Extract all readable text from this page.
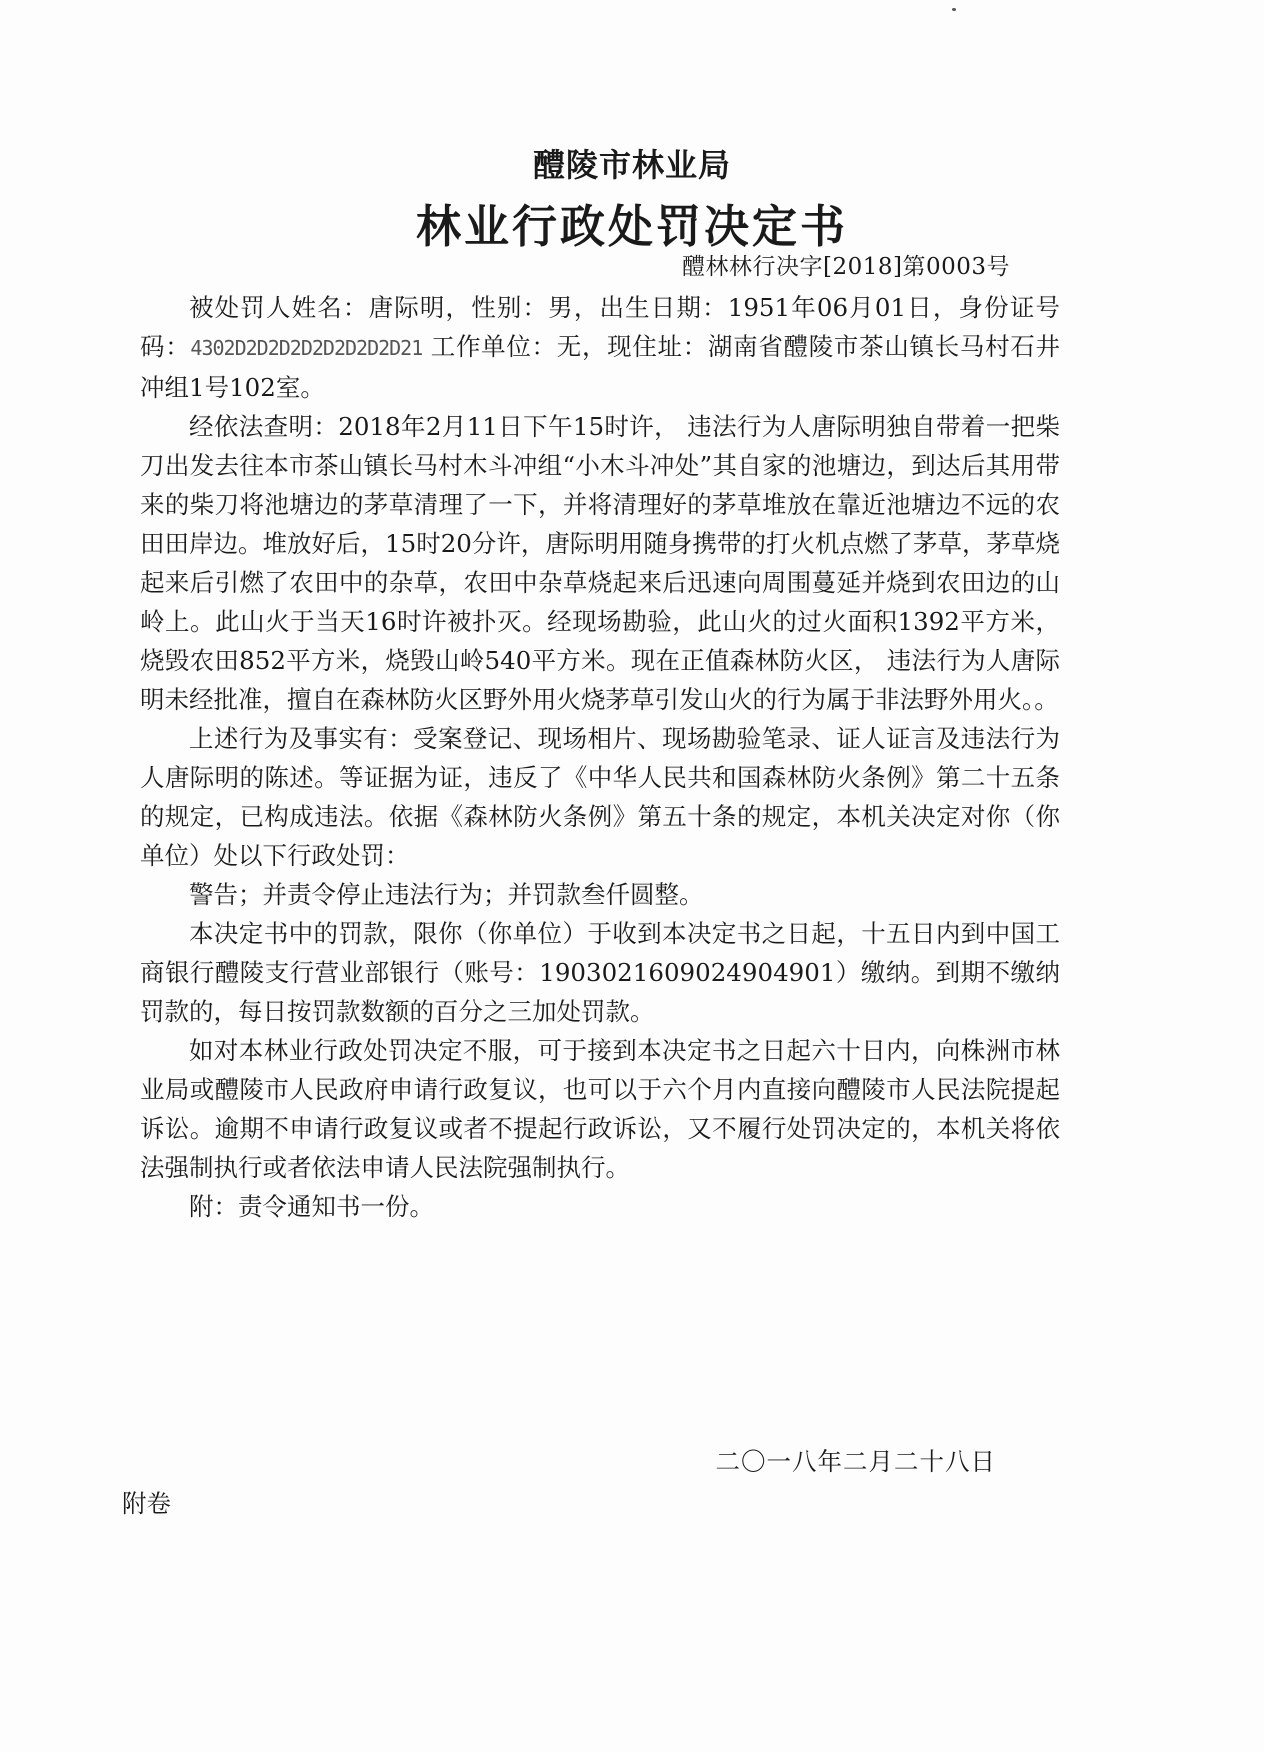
醴陵市林业局
林业行政处罚决定书
醴林林行决字[2018]第0003号

被处罚人姓名：唐际明，性别：男，出生日期：1951年06月01日，身份证号码：4302D2D2D2D2D2D2D2D21 工作单位：无，现住址：湖南省醴陵市茶山镇长马村石井冲组1号102室。

经依法查明：2018年2月11日下午15时许， 违法行为人唐际明独自带着一把柴刀出发去往本市茶山镇长马村木斗冲组“小木斗冲处”其自家的池塘边，到达后其用带来的柴刀将池塘边的茅草清理了一下，并将清理好的茅草堆放在靠近池塘边不远的农田田岸边。堆放好后，15时20分许，唐际明用随身携带的打火机点燃了茅草，茅草烧起来后引燃了农田中的杂草，农田中杂草烧起来后迅速向周围蔓延并烧到农田边的山岭上。此山火于当天16时许被扑灭。经现场勘验，此山火的过火面积1392平方米， 烧毁农田852平方米，烧毁山岭540平方米。现在正值森林防火区， 违法行为人唐际明未经批准，擅自在森林防火区野外用火烧茅草引发山火的行为属于非法野外用火。。

上述行为及事实有：受案登记、现场相片、现场勘验笔录、证人证言及违法行为人唐际明的陈述。等证据为证，违反了《中华人民共和国森林防火条例》第二十五条的规定，已构成违法。依据《森林防火条例》第五十条的规定，本机关决定对你（你单位）处以下行政处罚：

警告；并责令停止违法行为；并罚款叁仟圆整。

本决定书中的罚款，限你（你单位）于收到本决定书之日起，十五日内到中国工商银行醴陵支行营业部银行（账号：1903021609024904901）缴纳。到期不缴纳罚款的，每日按罚款数额的百分之三加处罚款。

如对本林业行政处罚决定不服，可于接到本决定书之日起六十日内，向株洲市林业局或醴陵市人民政府申请行政复议，也可以于六个月内直接向醴陵市人民法院提起诉讼。逾期不申请行政复议或者不提起行政诉讼，又不履行处罚决定的，本机关将依法强制执行或者依法申请人民法院强制执行。

附：责令通知书一份。

二〇一八年二月二十八日
附卷
